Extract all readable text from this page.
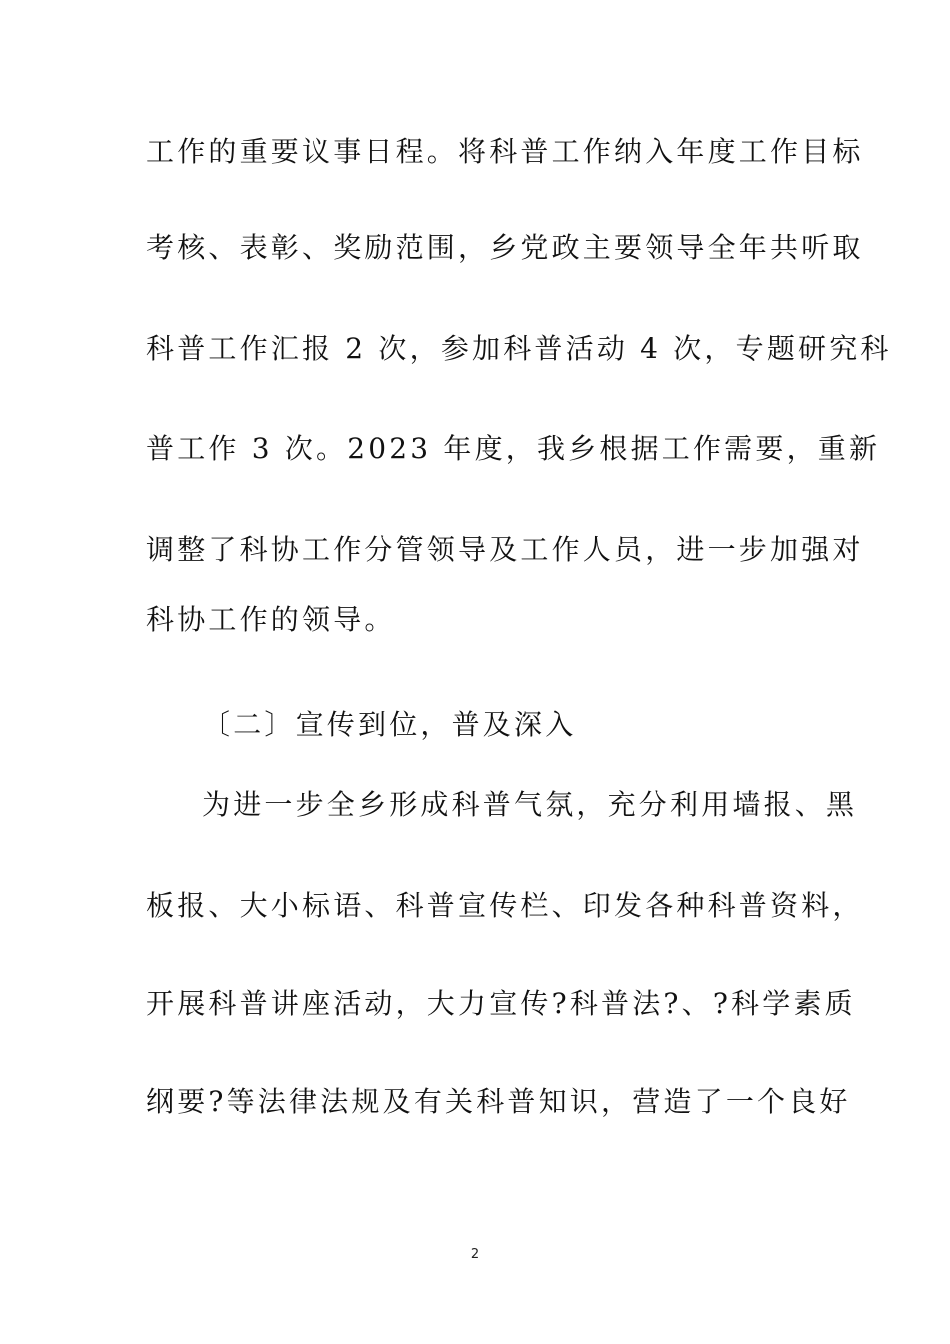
工作的重要议事日程。将科普工作纳入年度工作目标
考核、表彰、奖励范围，乡党政主要领导全年共听取
科普工作汇报 2 次，参加科普活动 4 次，专题研究科
普工作 3 次。2023 年度，我乡根据工作需要，重新
调整了科协工作分管领导及工作人员，进一步加强对
科协工作的领导。
〔二〕宣传到位，普及深入
为进一步全乡形成科普气氛，充分利用墙报、黑
板报、大小标语、科普宣传栏、印发各种科普资料，
开展科普讲座活动，大力宣传?科普法?、?科学素质
纲要?等法律法规及有关科普知识，营造了一个良好
2
